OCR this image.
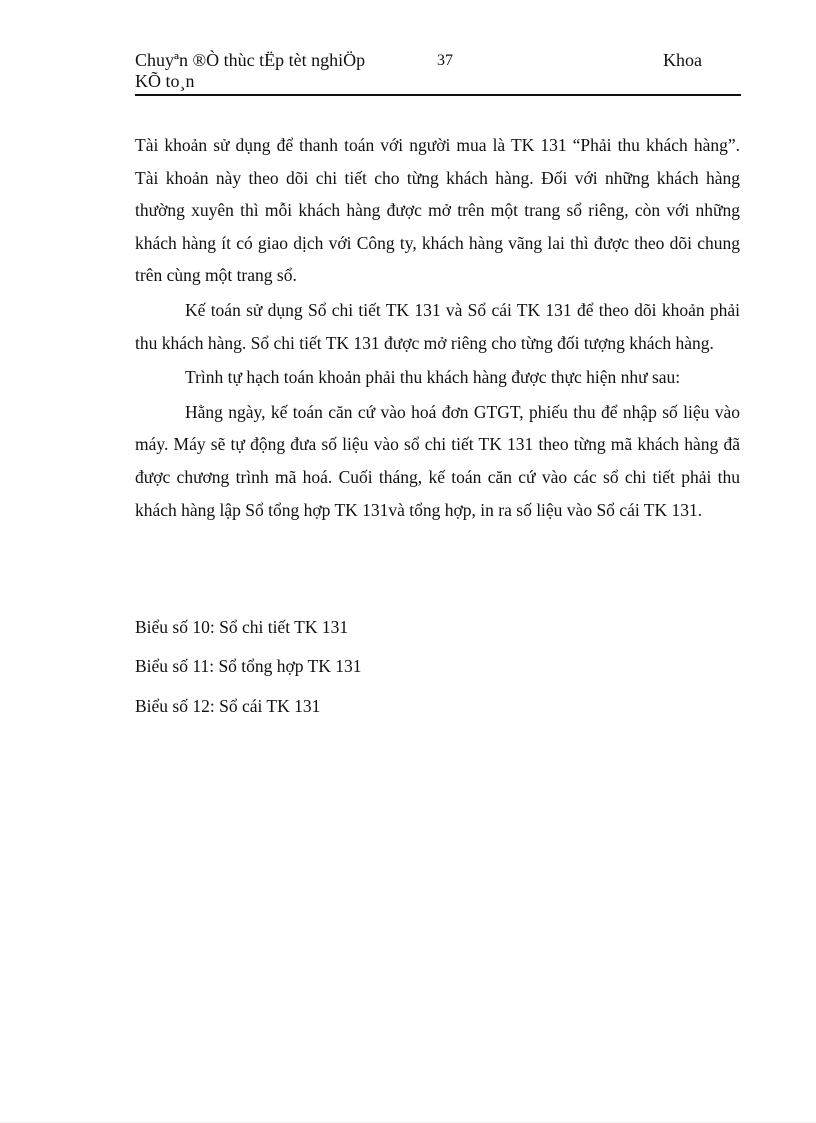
Chuyªn ®Ò thùc tËp tèt nghiÖp
KÕ to¸n
37	Khoa

Tài khoản sử dụng để thanh toán với người mua là TK 131 “Phải thu khách hàng”. Tài khoản này theo dõi chi tiết cho từng khách hàng. Đối với những khách hàng thường xuyên thì mỗi khách hàng được mở trên một trang sổ riêng, còn với những khách hàng ít có giao dịch với Công ty, khách hàng vãng lai thì được theo dõi chung trên cùng một trang sổ.

Kế toán sử dụng Sổ chi tiết TK 131 và Sổ cái TK 131 để theo dõi khoản phải thu khách hàng. Sổ chi tiết TK 131 được mở riêng cho từng đối tượng khách hàng.

Trình tự hạch toán khoản phải thu khách hàng được thực hiện như sau:

Hằng ngày, kế toán căn cứ vào hoá đơn GTGT, phiếu thu để nhập số liệu vào máy. Máy sẽ tự động đưa số liệu vào sổ chi tiết TK 131 theo từng mã khách hàng đã được chương trình mã hoá. Cuối tháng, kế toán căn cứ vào các sổ chi tiết phải thu khách hàng lập Sổ tổng hợp TK 131và tổng hợp, in ra số liệu vào Sổ cái TK 131.

Biểu số 10: Sổ chi tiết TK 131
Biểu số 11: Sổ tổng hợp TK 131
Biểu số 12: Sổ cái TK 131
